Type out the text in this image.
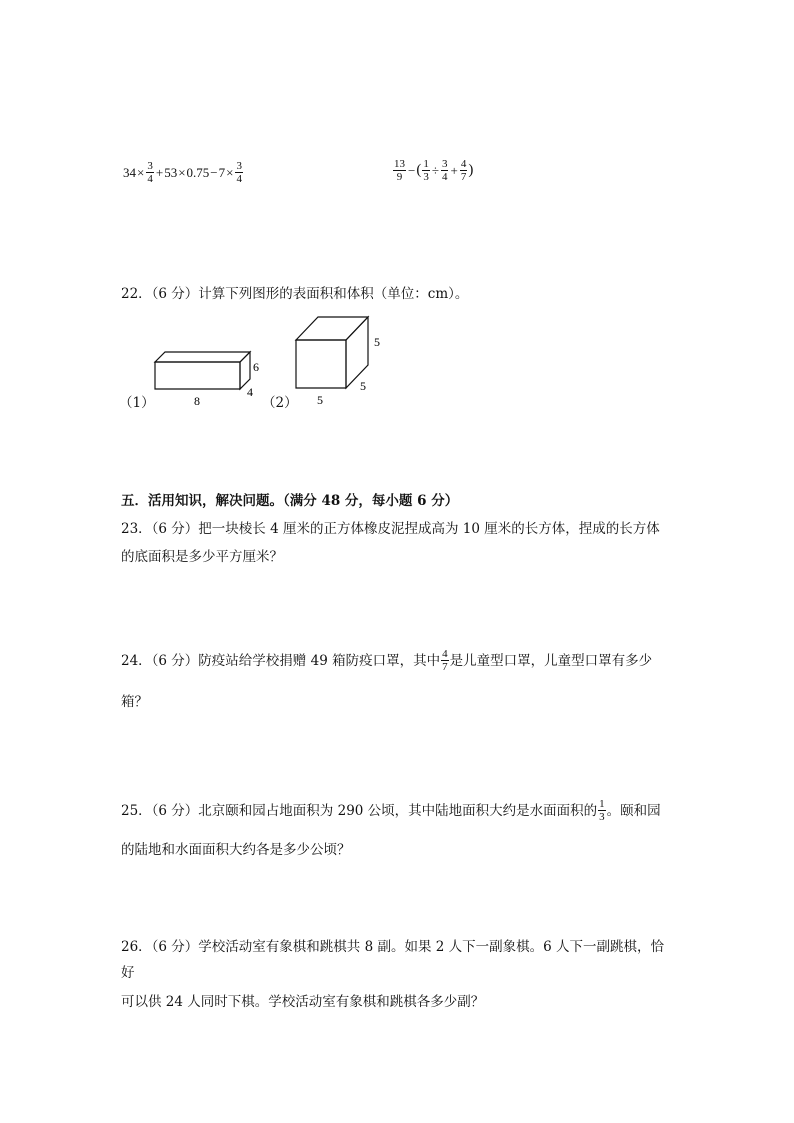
$34 \times \frac{3}{4} + 53 \times 0.75 - 7 \times \frac{3}{4}$	$\frac{13}{9}$ − ( $\frac{1}{3} \div \frac{3}{4} + \frac{4}{7}$ )
22．（6 分）计算下列图形的表面积和体积（单位：cm）。
（1）
6
4
8	（2）
5
5
5
五．活用知识，解决问题。（满分 48 分，每小题 6 分）
23．（6 分）把一块棱长 4 厘米的正方体橡皮泥捏成高为 10 厘米的长方体，捏成的长方体
的底面积是多少平方厘米？
24．（6 分）防疫站给学校捐赠 49 箱防疫口罩，其中 $\frac{4}{7}$ 是儿童型口罩，儿童型口罩有多少
箱？
25．（6 分）北京颐和园占地面积为 290 公顷，其中陆地面积大约是水面面积的 $\frac{1}{3}$ 。颐和园
的陆地和水面面积大约各是多少公顷？
26．（6 分）学校活动室有象棋和跳棋共 8 副。如果 2 人下一副象棋。6 人下一副跳棋，恰
好
可以供 24 人同时下棋。学校活动室有象棋和跳棋各多少副？
